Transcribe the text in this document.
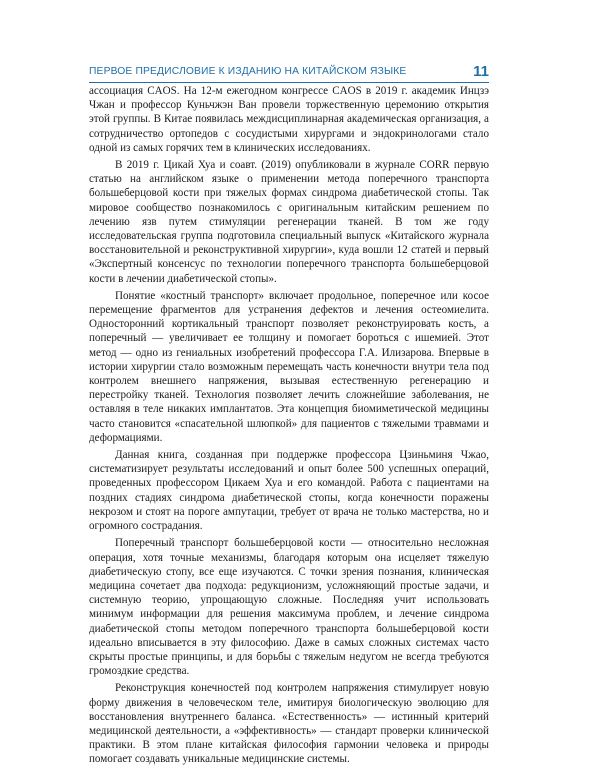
ПЕРВОЕ ПРЕДИСЛОВИЕ К ИЗДАНИЮ НА КИТАЙСКОМ ЯЗЫКЕ	11

ассоциация CAOS. На 12-м ежегодном конгрессе CAOS в 2019 г. академик Инцзэ Чжан и профессор Куньчжэн Ван провели торжественную церемонию открытия этой группы. В Китае появилась междисциплинарная академическая организация, а сотрудничество ортопедов с сосудистыми хирургами и эндокринологами стало одной из самых горячих тем в клинических исследованиях.

В 2019 г. Цикай Хуа и соавт. (2019) опубликовали в журнале CORR первую статью на английском языке о применении метода поперечного транспорта большеберцовой кости при тяжелых формах синдрома диабетической стопы. Так мировое сообщество познакомилось с оригинальным китайским решением по лечению язв путем стимуляции регенерации тканей. В том же году исследовательская группа подготовила специальный выпуск «Китайского журнала восстановительной и реконструктивной хирургии», куда вошли 12 статей и первый «Экспертный консенсус по технологии поперечного транспорта большеберцовой кости в лечении диабетической стопы».

Понятие «костный транспорт» включает продольное, поперечное или косое перемещение фрагментов для устранения дефектов и лечения остеомиелита. Односторонний кортикальный транспорт позволяет реконструировать кость, а поперечный — увеличивает ее толщину и помогает бороться с ишемией. Этот метод — одно из гениальных изобретений профессора Г.А. Илизарова. Впервые в истории хирургии стало возможным перемещать часть конечности внутри тела под контролем внешнего напряжения, вызывая естественную регенерацию и перестройку тканей. Технология позволяет лечить сложнейшие заболевания, не оставляя в теле никаких имплантатов. Эта концепция биомиметической медицины часто становится «спасательной шлюпкой» для пациентов с тяжелыми травмами и деформациями.

Данная книга, созданная при поддержке профессора Цзиньминя Чжао, систематизирует результаты исследований и опыт более 500 успешных операций, проведенных профессором Цикаем Хуа и его командой. Работа с пациентами на поздних стадиях синдрома диабетической стопы, когда конечности поражены некрозом и стоят на пороге ампутации, требует от врача не только мастерства, но и огромного сострадания.

Поперечный транспорт большеберцовой кости — относительно несложная операция, хотя точные механизмы, благодаря которым она исцеляет тяжелую диабетическую стопу, все еще изучаются. С точки зрения познания, клиническая медицина сочетает два подхода: редукционизм, усложняющий простые задачи, и системную теорию, упрощающую сложные. Последняя учит использовать минимум информации для решения максимума проблем, и лечение синдрома диабетической стопы методом поперечного транспорта большеберцовой кости идеально вписывается в эту философию. Даже в самых сложных системах часто скрыты простые принципы, и для борьбы с тяжелым недугом не всегда требуются громоздкие средства.

Реконструкция конечностей под контролем напряжения стимулирует новую форму движения в человеческом теле, имитируя биологическую эволюцию для восстановления внутреннего баланса. «Естественность» — истинный критерий медицинской деятельности, а «эффективность» — стандарт проверки клинической практики. В этом плане китайская философия гармонии человека и природы помогает создавать уникальные медицинские системы.
